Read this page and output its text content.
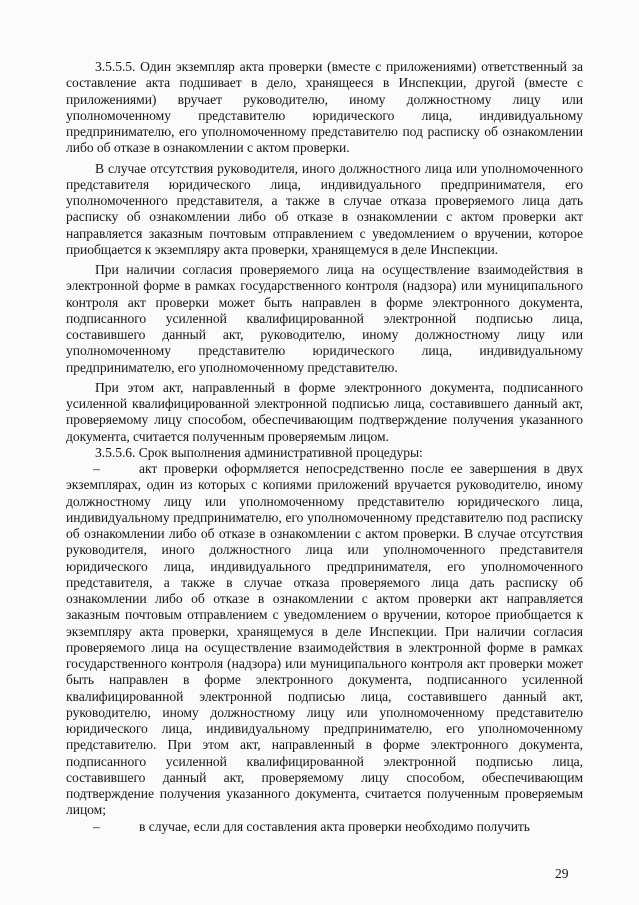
3.5.5.5. Один экземпляр акта проверки (вместе с приложениями) ответственный за составление акта подшивает в дело, хранящееся в Инспекции, другой (вместе с приложениями) вручает руководителю, иному должностному лицу или уполномоченному представителю юридического лица, индивидуальному предпринимателю, его уполномоченному представителю под расписку об ознакомлении либо об отказе в ознакомлении с актом проверки.

В случае отсутствия руководителя, иного должностного лица или уполномоченного представителя юридического лица, индивидуального предпринимателя, его уполномоченного представителя, а также в случае отказа проверяемого лица дать расписку об ознакомлении либо об отказе в ознакомлении с актом проверки акт направляется заказным почтовым отправлением с уведомлением о вручении, которое приобщается к экземпляру акта проверки, хранящемуся в деле Инспекции.

При наличии согласия проверяемого лица на осуществление взаимодействия в электронной форме в рамках государственного контроля (надзора) или муниципального контроля акт проверки может быть направлен в форме электронного документа, подписанного усиленной квалифицированной электронной подписью лица, составившего данный акт, руководителю, иному должностному лицу или уполномоченному представителю юридического лица, индивидуальному предпринимателю, его уполномоченному представителю.

При этом акт, направленный в форме электронного документа, подписанного усиленной квалифицированной электронной подписью лица, составившего данный акт, проверяемому лицу способом, обеспечивающим подтверждение получения указанного документа, считается полученным проверяемым лицом.

3.5.5.6. Срок выполнения административной процедуры:

–	акт проверки оформляется непосредственно после ее завершения в двух экземплярах, один из которых с копиями приложений вручается руководителю, иному должностному лицу или уполномоченному представителю юридического лица, индивидуальному предпринимателю, его уполномоченному представителю под расписку об ознакомлении либо об отказе в ознакомлении с актом проверки. В случае отсутствия руководителя, иного должностного лица или уполномоченного представителя юридического лица, индивидуального предпринимателя, его уполномоченного представителя, а также в случае отказа проверяемого лица дать расписку об ознакомлении либо об отказе в ознакомлении с актом проверки акт направляется заказным почтовым отправлением с уведомлением о вручении, которое приобщается к экземпляру акта проверки, хранящемуся в деле Инспекции. При наличии согласия проверяемого лица на осуществление взаимодействия в электронной форме в рамках государственного контроля (надзора) или муниципального контроля акт проверки может быть направлен в форме электронного документа, подписанного усиленной квалифицированной электронной подписью лица, составившего данный акт, руководителю, иному должностному лицу или уполномоченному представителю юридического лица, индивидуальному предпринимателю, его уполномоченному представителю. При этом акт, направленный в форме электронного документа, подписанного усиленной квалифицированной электронной подписью лица, составившего данный акт, проверяемому лицу способом, обеспечивающим подтверждение получения указанного документа, считается полученным проверяемым лицом;

–	в случае, если для составления акта проверки необходимо получить

29
